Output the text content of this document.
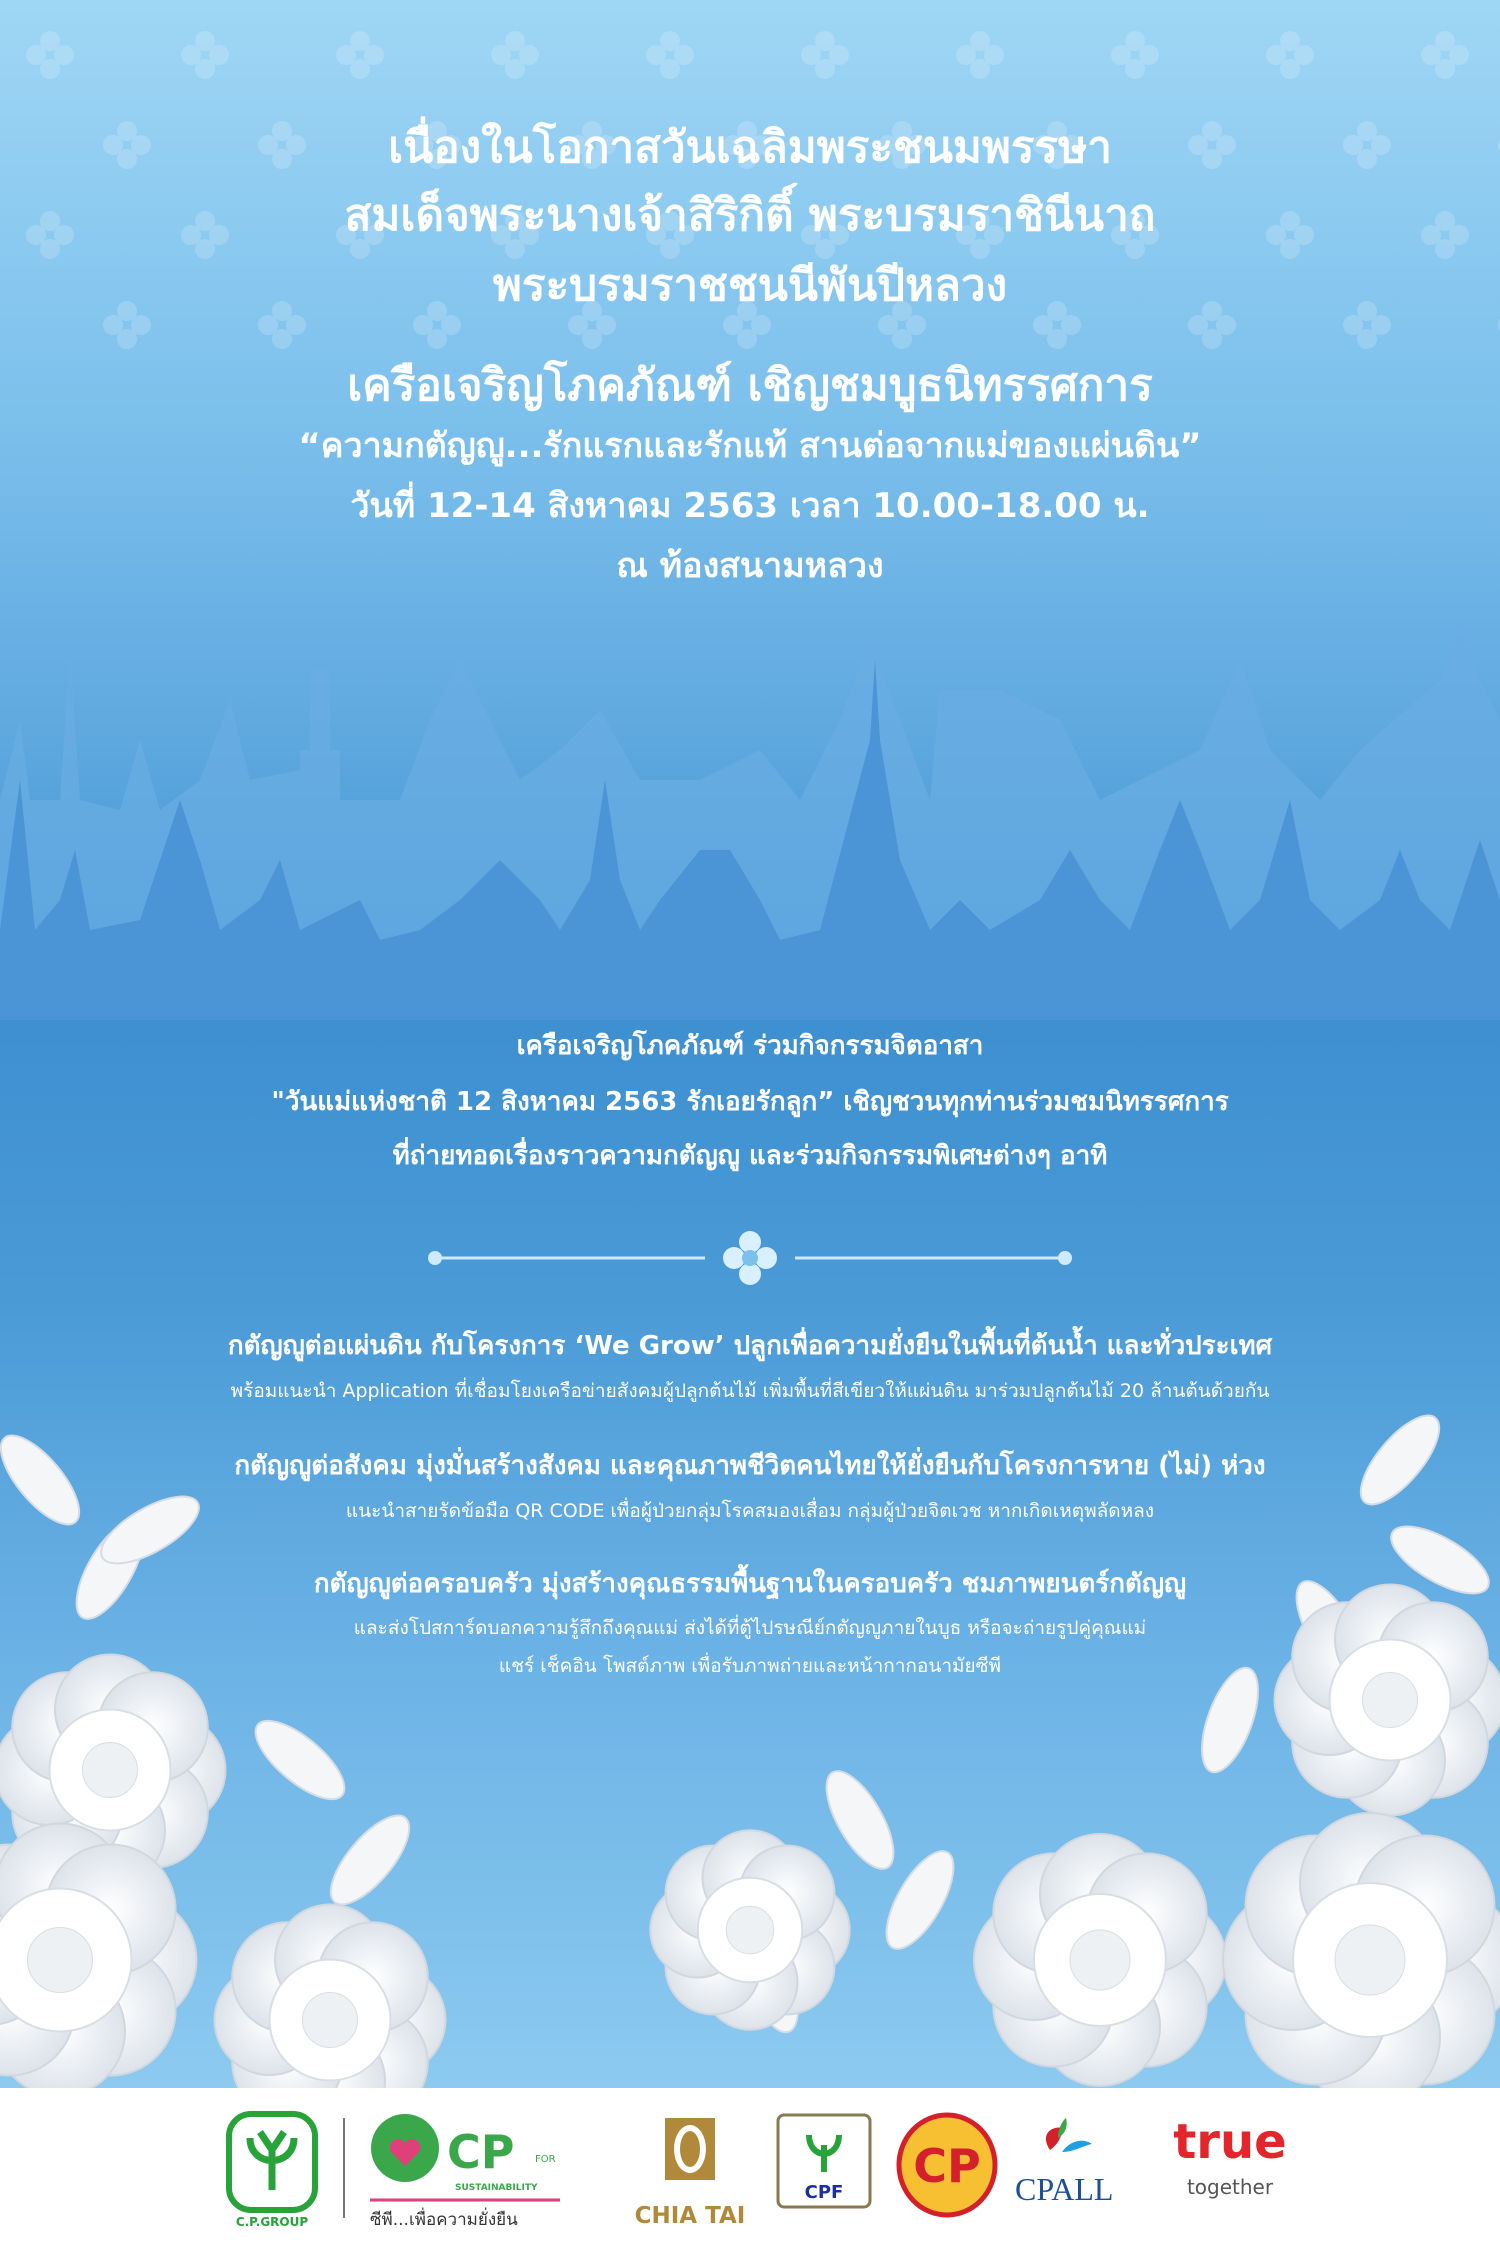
เนื่องในโอกาสวันเฉลิมพระชนมพรรษา
สมเด็จพระนางเจ้าสิริกิติ์ พระบรมราชินีนาถ
พระบรมราชชนนีพันปีหลวง
เครือเจริญโภคภัณฑ์ เชิญชมบูธนิทรรศการ
“ความกตัญญู...รักแรกและรักแท้ สานต่อจากแม่ของแผ่นดิน”
วันที่ 12-14 สิงหาคม 2563 เวลา 10.00-18.00 น.
ณ ท้องสนามหลวง
เครือเจริญโภคภัณฑ์ ร่วมกิจกรรมจิตอาสา
"วันแม่แห่งชาติ 12 สิงหาคม 2563 รักเอยรักลูก” เชิญชวนทุกท่านร่วมชมนิทรรศการ
ที่ถ่ายทอดเรื่องราวความกตัญญู และร่วมกิจกรรมพิเศษต่างๆ อาทิ
กตัญญูต่อแผ่นดิน กับโครงการ ‘We Grow’ ปลูกเพื่อความยั่งยืนในพื้นที่ต้นน้ำ และทั่วประเทศ
พร้อมแนะนำ Application ที่เชื่อมโยงเครือข่ายสังคมผู้ปลูกต้นไม้ เพิ่มพื้นที่สีเขียวให้แผ่นดิน มาร่วมปลูกต้นไม้ 20 ล้านต้นด้วยกัน
กตัญญูต่อสังคม มุ่งมั่นสร้างสังคม และคุณภาพชีวิตคนไทยให้ยั่งยืนกับโครงการหาย (ไม่) ห่วง
แนะนำสายรัดข้อมือ QR CODE เพื่อผู้ป่วยกลุ่มโรคสมองเสื่อม กลุ่มผู้ป่วยจิตเวช หากเกิดเหตุพลัดหลง
กตัญญูต่อครอบครัว มุ่งสร้างคุณธรรมพื้นฐานในครอบครัว ชมภาพยนตร์กตัญญู
และส่งโปสการ์ดบอกความรู้สึกถึงคุณแม่ ส่งได้ที่ตู้ไปรษณีย์กตัญญูภายในบูธ หรือจะถ่ายรูปคู่คุณแม่
แชร์ เช็คอิน โพสต์ภาพ เพื่อรับภาพถ่ายและหน้ากากอนามัยซีพี
C.P.GROUP
CP FOR
SUSTAINABILITY
ซีพี...เพื่อความยั่งยืน	CHIA TAI
CPF CP CPALL
true
together
